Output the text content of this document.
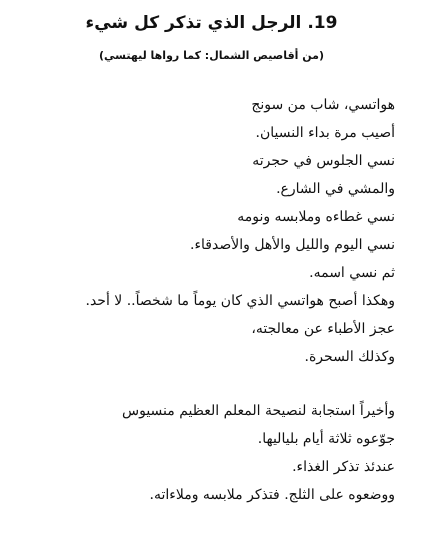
19. الرجل الذي تذكر كل شيء
(من أقاصيص الشمال: كما رواها ليهتسي)
هواتسي، شاب من سونج
أصيب مرة بداء النسيان.
نسي الجلوس في حجرته
والمشي في الشارع.
نسي غطاءه وملابسه ونومه
نسي اليوم والليل والأهل والأصدقاء.
ثم نسي اسمه.
وهكذا أصبح هواتسي الذي كان يوماً ما شخصاً.. لا أحد.
عجز الأطباء عن معالجته،
وكذلك السحرة.
وأخيراً استجابة لنصيحة المعلم العظيم منسيوس
جوّعوه ثلاثة أيام بلياليها.
عندئذ تذكر الغذاء.
ووضعوه على الثلج. فتذكر ملابسه وملاءاته.
